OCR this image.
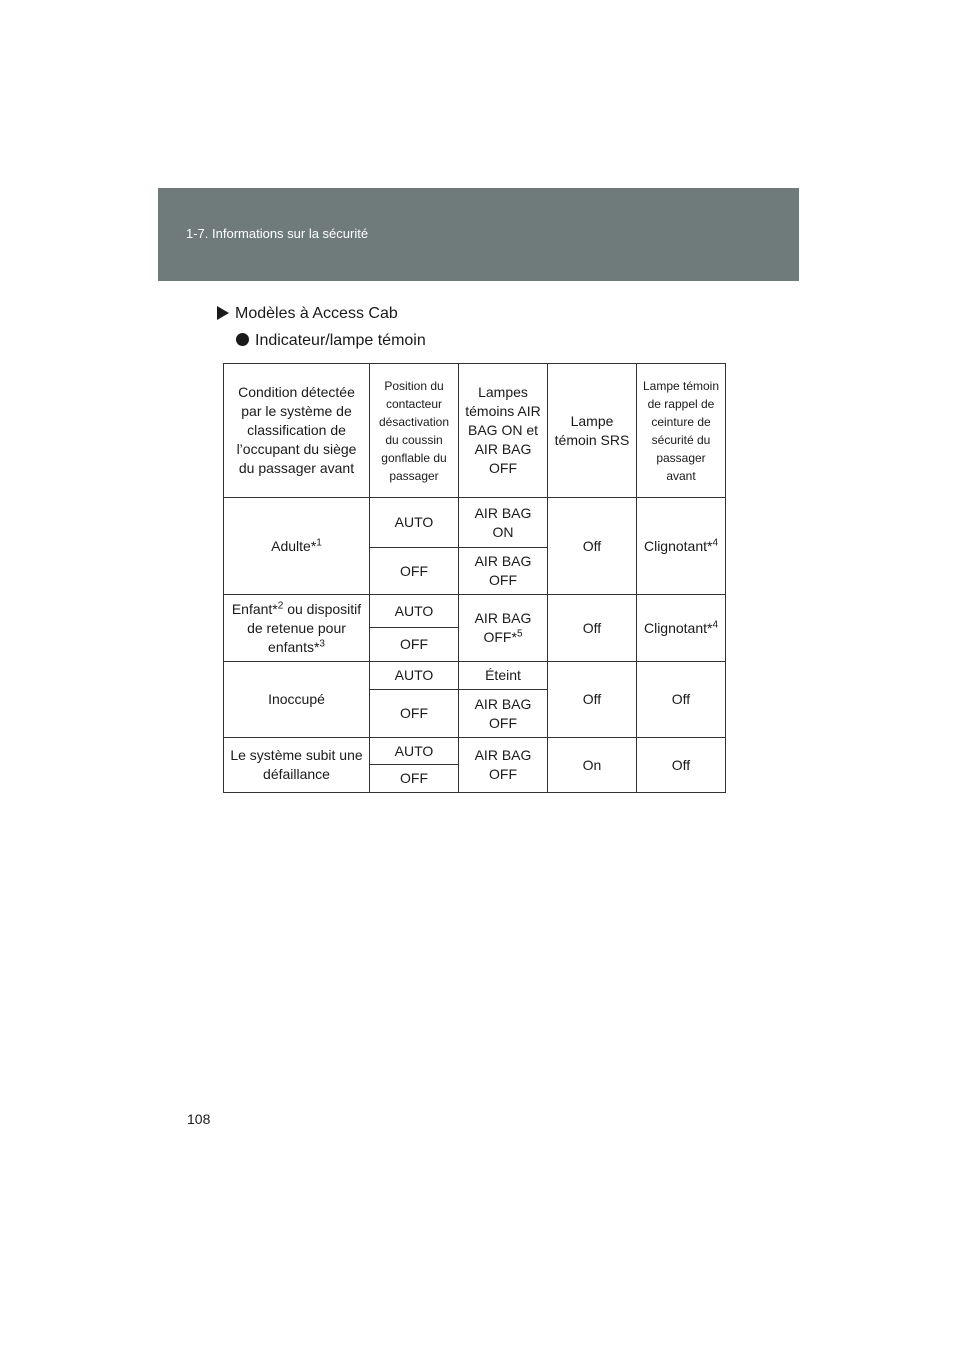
1-7. Informations sur la sécurité
Modèles à Access Cab
Indicateur/lampe témoin
Condition détectée par le système de classification de l’occupant du siège du passager avant	Position du contacteur désactivation du coussin gonflable du passager	Lampes témoins AIR BAG ON et AIR BAG OFF	Lampe témoin SRS	Lampe témoin de rappel de ceinture de sécurité du passager avant
Adulte*$^1$	AUTO	AIR BAG ON	Off	Clignotant*$^4$
	OFF	AIR BAG OFF		
Enfant*$^2$ ou dispositif de retenue pour enfants*$^3$	AUTO	AIR BAG OFF*$^5$	Off	Clignotant*$^4$
	OFF			
Inoccupé	AUTO	Éteint	Off	Off
	OFF	AIR BAG OFF		
Le système subit une défaillance	AUTO	AIR BAG OFF	On	Off
	OFF			
108
